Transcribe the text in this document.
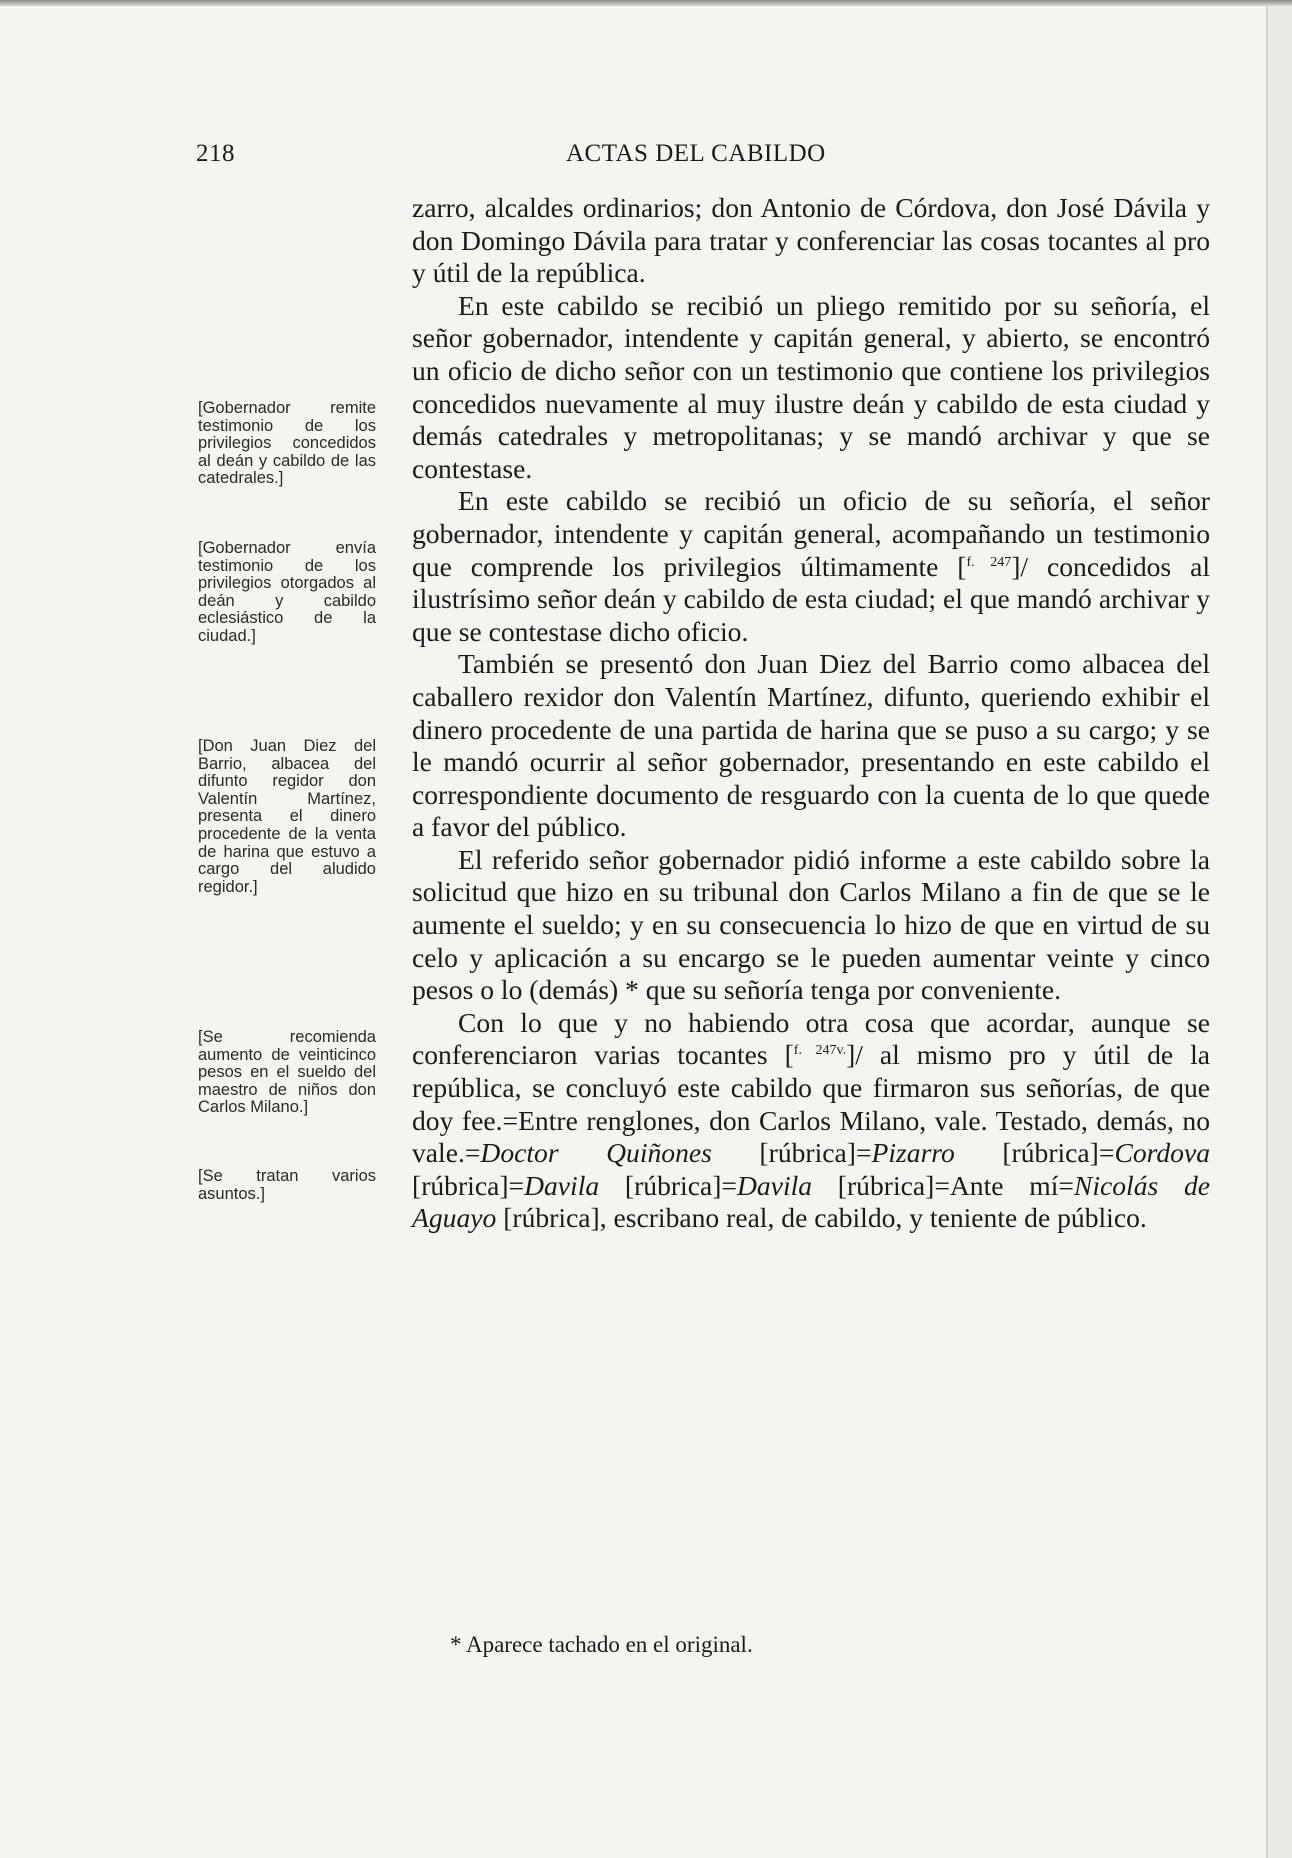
218	ACTAS DEL CABILDO
[Gobernador remite testimonio de los privilegios concedidos al deán y cabildo de las catedrales.]
[Gobernador envía testimonio de los privilegios otorgados al deán y cabildo eclesiástico de la ciudad.]
[Don Juan Diez del Barrio, albacea del difunto regidor don Valentín Martínez, presenta el dinero procedente de la venta de harina que estuvo a cargo del aludido regidor.]
[Se recomienda aumento de veinticinco pesos en el sueldo del maestro de niños don Carlos Milano.]
[Se tratan varios asuntos.]

zarro, alcaldes ordinarios; don Antonio de Córdova, don José Dávila y don Domingo Dávila para tratar y conferenciar las cosas tocantes al pro y útil de la república.

En este cabildo se recibió un pliego remitido por su señoría, el señor gobernador, intendente y capitán general, y abierto, se encontró un oficio de dicho señor con un testimonio que contiene los privilegios concedidos nuevamente al muy ilustre deán y cabildo de esta ciudad y demás catedrales y metropolitanas; y se mandó archivar y que se contestase.

En este cabildo se recibió un oficio de su señoría, el señor gobernador, intendente y capitán general, acompañando un testimonio que comprende los privilegios últimamente [$^{f. 247}$]/ concedidos al ilustrísimo señor deán y cabildo de esta ciudad; el que mandó archivar y que se contestase dicho oficio.

También se presentó don Juan Diez del Barrio como albacea del caballero rexidor don Valentín Martínez, difunto, queriendo exhibir el dinero procedente de una partida de harina que se puso a su cargo; y se le mandó ocurrir al señor gobernador, presentando en este cabildo el correspondiente documento de resguardo con la cuenta de lo que quede a favor del público.

El referido señor gobernador pidió informe a este cabildo sobre la solicitud que hizo en su tribunal don Carlos Milano a fin de que se le aumente el sueldo; y en su consecuencia lo hizo de que en virtud de su celo y aplicación a su encargo se le pueden aumentar veinte y cinco pesos o lo (demás) * que su señoría tenga por conveniente.

Con lo que y no habiendo otra cosa que acordar, aunque se conferenciaron varias tocantes [$^{f. 247v.}$]/ al mismo pro y útil de la república, se concluyó este cabildo que firmaron sus señorías, de que doy fee.=Entre renglones, don Carlos Milano, vale. Testado, demás, no vale.=Doctor Quiñones [rúbrica]=Pizarro [rúbrica]=Cordova [rúbrica]=Davila [rúbrica]=Davila [rúbrica]=Ante mí=Nicolás de Aguayo [rúbrica], escribano real, de cabildo, y teniente de público.

* Aparece tachado en el original.
